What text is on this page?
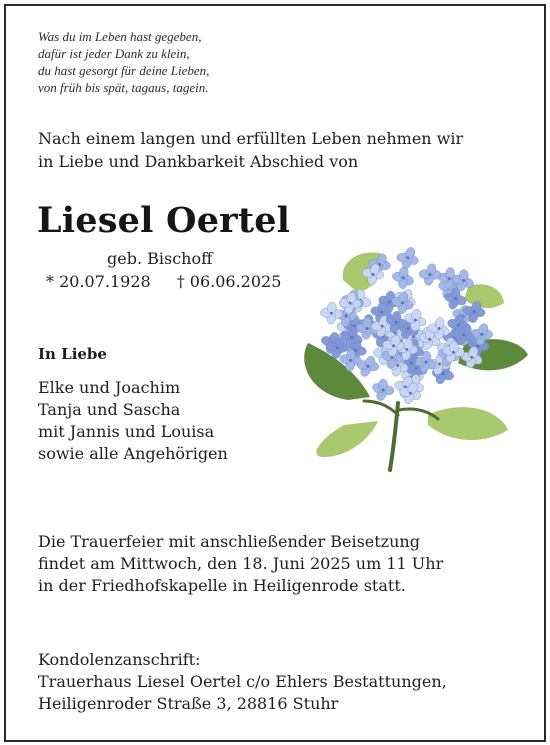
Was du im Leben hast gegeben,
dafür ist jeder Dank zu klein,
du hast gesorgt für deine Lieben,
von früh bis spät, tagaus, tagein.
Nach einem langen und erfüllten Leben nehmen wir
in Liebe und Dankbarkeit Abschied von
Liesel Oertel
geb. Bischoff
* 20.07.1928 † 06.06.2025
In Liebe
Elke und Joachim
Tanja und Sascha
mit Jannis und Louisa
sowie alle Angehörigen
Die Trauerfeier mit anschließender Beisetzung
findet am Mittwoch, den 18. Juni 2025 um 11 Uhr
in der Friedhofskapelle in Heiligenrode statt.
Kondolenzanschrift:
Trauerhaus Liesel Oertel c/o Ehlers Bestattungen,
Heiligenroder Straße 3, 28816 Stuhr
